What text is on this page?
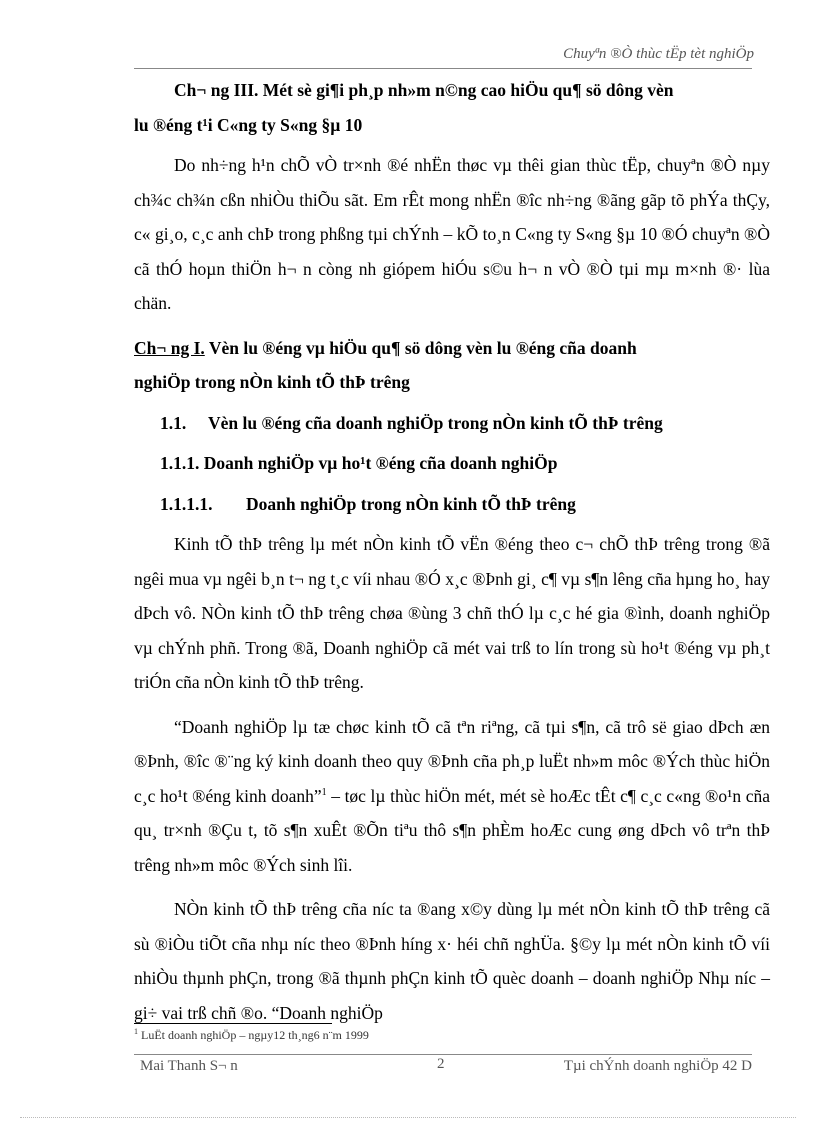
Chuyªn ®Ò thùc tËp tèt nghiÖp

Ch¬ ng III. Mét sè gi¶i ph¸p nh»m n©ng cao hiÖu qu¶ sö dông vèn
lu ®éng t¹i C«ng ty S«ng §µ 10

Do nh÷ng h¹n chÕ vÒ tr×nh ®é nhËn thøc vµ thêi gian thùc tËp, chuyªn ®Ò nµy ch¾c ch¾n cßn nhiÒu thiÕu sãt. Em rÊt mong nhËn ®îc nh÷ng ®ãng gãp tõ phÝa thÇy, c« gi¸o, c¸c anh chÞ trong phßng tµi chÝnh – kÕ to¸n C«ng ty S«ng §µ 10 ®Ó chuyªn ®Ò cã thÓ hoµn thiÖn h¬ n còng nh giópem hiÓu s©u h¬ n vÒ ®Ò tµi mµ m×nh ®· lùa chän.

Ch¬ ng I. Vèn lu ®éng vµ hiÖu qu¶ sö dông vèn lu ®éng cña doanh
nghiÖp trong nÒn kinh tÕ thÞ trêng

1.1. Vèn lu ®éng cña doanh nghiÖp trong nÒn kinh tÕ thÞ trêng

1.1.1. Doanh nghiÖp vµ ho¹t ®éng cña doanh nghiÖp

1.1.1.1. Doanh nghiÖp trong nÒn kinh tÕ thÞ trêng

Kinh tÕ thÞ trêng lµ mét nÒn kinh tÕ vËn ®éng theo c¬ chÕ thÞ trêng trong ®ã ngêi mua vµ ngêi b¸n t¬ ng t¸c víi nhau ®Ó x¸c ®Þnh gi¸ c¶ vµ s¶n lêng cña hµng ho¸ hay dÞch vô. NÒn kinh tÕ thÞ trêng chøa ®ùng 3 chñ thÓ lµ c¸c hé gia ®ình, doanh nghiÖp vµ chÝnh phñ. Trong ®ã, Doanh nghiÖp cã mét vai trß to lín trong sù ho¹t ®éng vµ ph¸t triÓn cña nÒn kinh tÕ thÞ trêng.

“Doanh nghiÖp lµ tæ chøc kinh tÕ cã tªn riªng, cã tµi s¶n, cã trô së giao dÞch æn ®Þnh, ®îc ®¨ng ký kinh doanh theo quy ®Þnh cña ph¸p luËt nh»m môc ®Ých thùc hiÖn c¸c ho¹t ®éng kinh doanh”$^1$ – tøc lµ thùc hiÖn mét, mét sè hoÆc tÊt c¶ c¸c c«ng ®o¹n cña qu¸ tr×nh ®Çu t, tõ s¶n xuÊt ®Õn tiªu thô s¶n phÈm hoÆc cung øng dÞch vô trªn thÞ trêng nh»m môc ®Ých sinh lîi.

NÒn kinh tÕ thÞ trêng cña níc ta ®ang x©y dùng lµ mét nÒn kinh tÕ thÞ trêng cã sù ®iÒu tiÕt cña nhµ níc theo ®Þnh híng x· héi chñ nghÜa. §©y lµ mét nÒn kinh tÕ víi nhiÒu thµnh phÇn, trong ®ã thµnh phÇn kinh tÕ quèc doanh – doanh nghiÖp Nhµ níc – gi÷ vai trß chñ ®o. “Doanh nghiÖp

$^1$ LuËt doanh nghiÖp – ngµy12 th¸ng6 n¨m 1999
Mai Thanh S¬ n	2	Tµi chÝnh doanh nghiÖp 42 D
